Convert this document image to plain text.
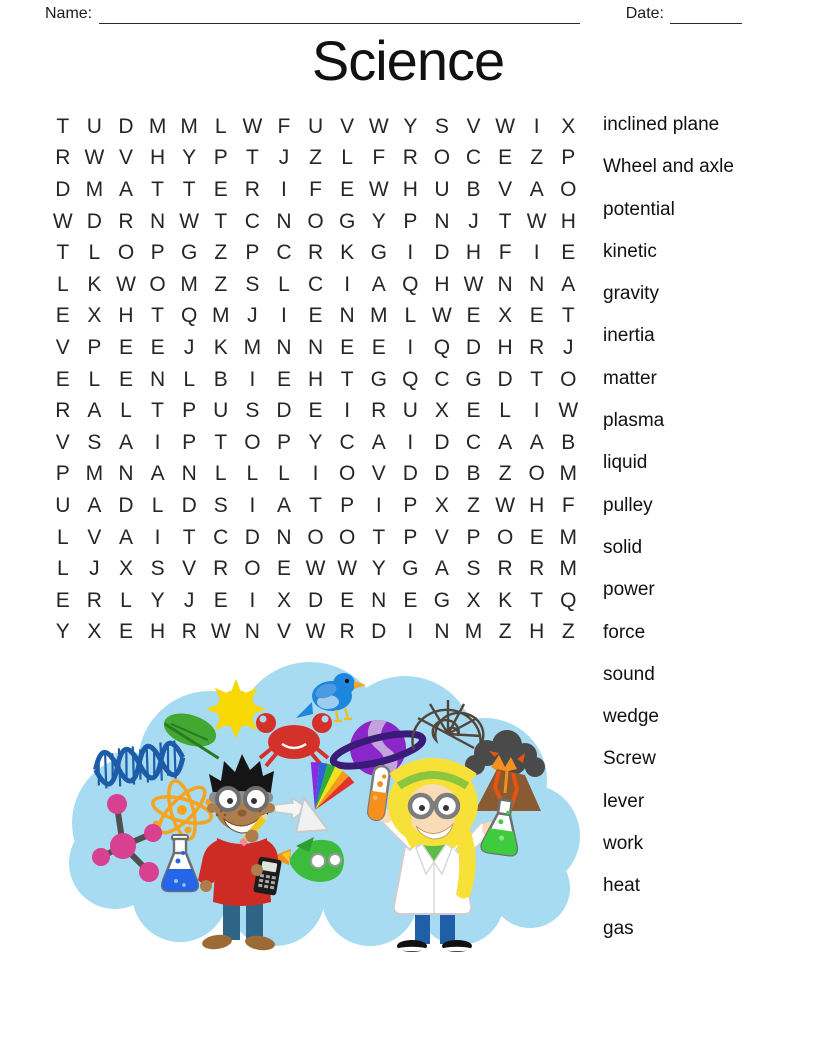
Name:	Date:
Science
T U D M M L W F U V W Y S V W I	X
R W V H Y P T J Z L F R O C E Z P
D M A T T E R	I	F E W H U B V A O
W D R N W T C N O G Y P N J T W H
T L O P G Z P C R K G I	D H F	I	E
L K W O M Z S L C	I	A Q H W N N A
E X H T Q M J	I	E N M L W E X E T
V P E E J K M N N E E	I Q D H R J
E L E N L B	I	E H T G Q C G D T O
R A L T P U S D E	I	R U X E L	I W
V S A	I	P T O P Y C A	I	D C A A B
P M N A N L L L	I O V D D B Z O M
U A D L D S	I	A T P	I	P X Z W H F
L V A	I	T C D N O O T P V P O E M
L J X S V R O E W W Y G A S R R M
E R L Y J E	I	X D E N E G X K T Q
Y X E H R W N V W R D	I	N M Z H Z
inclined plane
Wheel and axle
potential
kinetic
gravity
inertia
matter
plasma
liquid
pulley
solid
power
force
sound
wedge
Screw
lever
work
heat
gas
